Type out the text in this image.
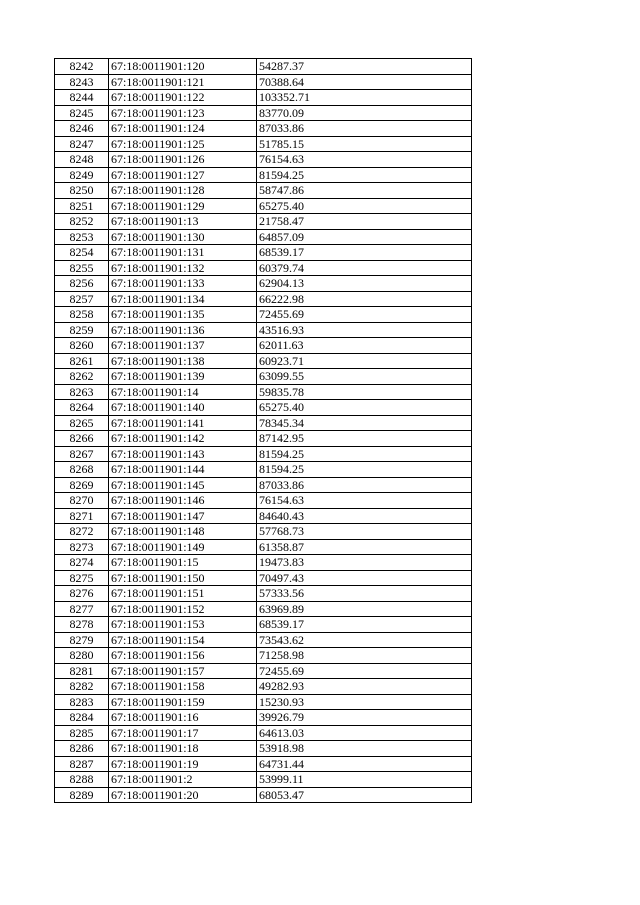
8242	67:18:0011901:120	54287.37
8243	67:18:0011901:121	70388.64
8244	67:18:0011901:122	103352.71
8245	67:18:0011901:123	83770.09
8246	67:18:0011901:124	87033.86
8247	67:18:0011901:125	51785.15
8248	67:18:0011901:126	76154.63
8249	67:18:0011901:127	81594.25
8250	67:18:0011901:128	58747.86
8251	67:18:0011901:129	65275.40
8252	67:18:0011901:13	21758.47
8253	67:18:0011901:130	64857.09
8254	67:18:0011901:131	68539.17
8255	67:18:0011901:132	60379.74
8256	67:18:0011901:133	62904.13
8257	67:18:0011901:134	66222.98
8258	67:18:0011901:135	72455.69
8259	67:18:0011901:136	43516.93
8260	67:18:0011901:137	62011.63
8261	67:18:0011901:138	60923.71
8262	67:18:0011901:139	63099.55
8263	67:18:0011901:14	59835.78
8264	67:18:0011901:140	65275.40
8265	67:18:0011901:141	78345.34
8266	67:18:0011901:142	87142.95
8267	67:18:0011901:143	81594.25
8268	67:18:0011901:144	81594.25
8269	67:18:0011901:145	87033.86
8270	67:18:0011901:146	76154.63
8271	67:18:0011901:147	84640.43
8272	67:18:0011901:148	57768.73
8273	67:18:0011901:149	61358.87
8274	67:18:0011901:15	19473.83
8275	67:18:0011901:150	70497.43
8276	67:18:0011901:151	57333.56
8277	67:18:0011901:152	63969.89
8278	67:18:0011901:153	68539.17
8279	67:18:0011901:154	73543.62
8280	67:18:0011901:156	71258.98
8281	67:18:0011901:157	72455.69
8282	67:18:0011901:158	49282.93
8283	67:18:0011901:159	15230.93
8284	67:18:0011901:16	39926.79
8285	67:18:0011901:17	64613.03
8286	67:18:0011901:18	53918.98
8287	67:18:0011901:19	64731.44
8288	67:18:0011901:2	53999.11
8289	67:18:0011901:20	68053.47
